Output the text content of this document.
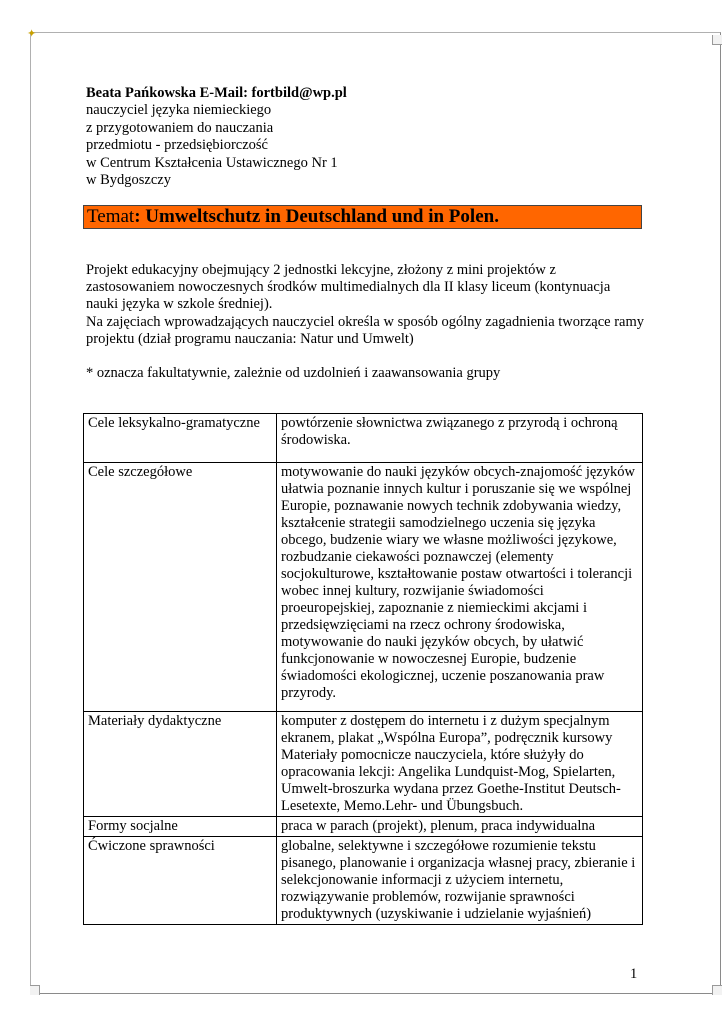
✦
Beata Pańkowska E-Mail: fortbild@wp.pl
nauczyciel języka niemieckiego
z przygotowaniem do nauczania
przedmiotu - przedsiębiorczość
w Centrum Kształcenia Ustawicznego Nr 1
w Bydgoszczy
Temat: Umweltschutz in Deutschland und in Polen.

Projekt edukacyjny obejmujący 2 jednostki lekcyjne, złożony z mini projektów z zastosowaniem nowoczesnych środków multimedialnych dla II klasy liceum (kontynuacja nauki języka w szkole średniej).

Na zajęciach wprowadzających nauczyciel określa w sposób ogólny zagadnienia tworzące ramy projektu (dział programu nauczania: Natur und Umwelt)

* oznacza fakultatywnie, zależnie od uzdolnień i zaawansowania grupy

Cele leksykalno-gramatyczne	powtórzenie słownictwa związanego z przyrodą i ochroną środowiska.
Cele szczegółowe	motywowanie do nauki języków obcych-znajomość języków ułatwia poznanie innych kultur i poruszanie się we wspólnej Europie, poznawanie nowych technik zdobywania wiedzy, kształcenie strategii samodzielnego uczenia się języka obcego, budzenie wiary we własne możliwości językowe, rozbudzanie ciekawości poznawczej (elementy socjokulturowe, kształtowanie postaw otwartości i tolerancji wobec innej kultury, rozwijanie świadomości proeuropejskiej, zapoznanie z niemieckimi akcjami i przedsięwzięciami na rzecz ochrony środowiska, motywowanie do nauki języków obcych, by ułatwić funkcjonowanie w nowoczesnej Europie, budzenie świadomości ekologicznej, uczenie poszanowania praw przyrody.
Materiały dydaktyczne	komputer z dostępem do internetu i z dużym specjalnym ekranem, plakat „Wspólna Europa”, podręcznik kursowy Materiały pomocnicze nauczyciela, które służyły do opracowania lekcji: Angelika Lundquist-Mog, Spielarten, Umwelt-broszurka wydana przez Goethe-Institut Deutsch-Lesetexte, Memo.Lehr- und Übungsbuch.
Formy socjalne	praca w parach (projekt), plenum, praca indywidualna
Ćwiczone sprawności	globalne, selektywne i szczegółowe rozumienie tekstu pisanego, planowanie i organizacja własnej pracy, zbieranie i selekcjonowanie informacji z użyciem internetu, rozwiązywanie problemów, rozwijanie sprawności produktywnych (uzyskiwanie i udzielanie wyjaśnień)
1
